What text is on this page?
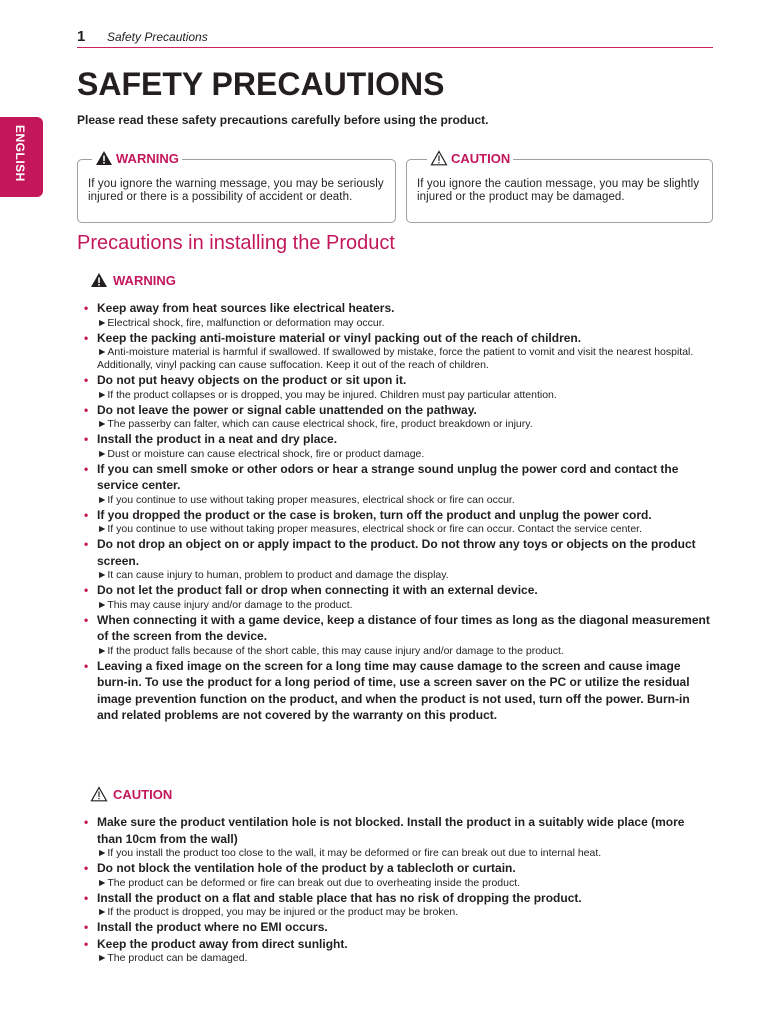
1 Safety Precautions
ENGLISH
SAFETY PRECAUTIONS
Please read these safety precautions carefully before using the product.
WARNING

If you ignore the warning message, you may be seriously injured or there is a possibility of accident or death.

CAUTION

If you ignore the caution message, you may be slightly injured or the product may be damaged.

Precautions in installing the Product
WARNING

• Keep away from heat sources like electrical heaters.

►Electrical shock, fire, malfunction or deformation may occur.

• Keep the packing anti-moisture material or vinyl packing out of the reach of children.

►Anti-moisture material is harmful if swallowed. If swallowed by mistake, force the patient to vomit and visit the nearest hospital. Additionally, vinyl packing can cause suffocation. Keep it out of the reach of children.

• Do not put heavy objects on the product or sit upon it.

►If the product collapses or is dropped, you may be injured. Children must pay particular attention.

• Do not leave the power or signal cable unattended on the pathway.

►The passerby can falter, which can cause electrical shock, fire, product breakdown or injury.

• Install the product in a neat and dry place.

►Dust or moisture can cause electrical shock, fire or product damage.

• If you can smell smoke or other odors or hear a strange sound unplug the power cord and contact the service center.

►If you continue to use without taking proper measures, electrical shock or fire can occur.

• If you dropped the product or the case is broken, turn off the product and unplug the power cord.

►If you continue to use without taking proper measures, electrical shock or fire can occur. Contact the service center.

• Do not drop an object on or apply impact to the product. Do not throw any toys or objects on the product screen.

►It can cause injury to human, problem to product and damage the display.

• Do not let the product fall or drop when connecting it with an external device.

►This may cause injury and/or damage to the product.

• When connecting it with a game device, keep a distance of four times as long as the diagonal measurement of the screen from the device.

►If the product falls because of the short cable, this may cause injury and/or damage to the product.

• Leaving a fixed image on the screen for a long time may cause damage to the screen and cause image burn-in. To use the product for a long period of time, use a screen saver on the PC or utilize the residual image prevention function on the product, and when the product is not used, turn off the power. Burn-in and related problems are not covered by the warranty on this product.

CAUTION

• Make sure the product ventilation hole is not blocked. Install the product in a suitably wide place (more than 10cm from the wall)

►If you install the product too close to the wall, it may be deformed or fire can break out due to internal heat.

• Do not block the ventilation hole of the product by a tablecloth or curtain.

►The product can be deformed or fire can break out due to overheating inside the product.

• Install the product on a flat and stable place that has no risk of dropping the product.

►If the product is dropped, you may be injured or the product may be broken.

• Install the product where no EMI occurs.

• Keep the product away from direct sunlight.

►The product can be damaged.
